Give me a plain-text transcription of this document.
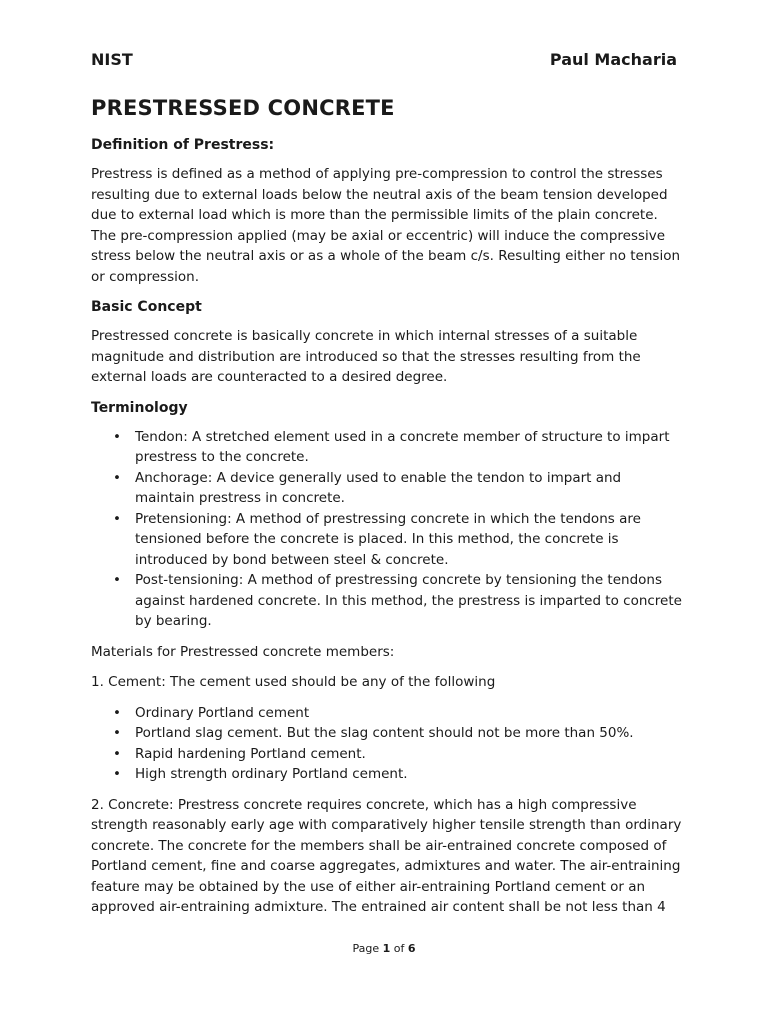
NIST	Paul Macharia
PRESTRESSED CONCRETE
Definition of Prestress:

Prestress is defined as a method of applying pre-compression to control the stresses resulting due to external loads below the neutral axis of the beam tension developed due to external load which is more than the permissible limits of the plain concrete. The pre-compression applied (may be axial or eccentric) will induce the compressive stress below the neutral axis or as a whole of the beam c/s. Resulting either no tension or compression.

Basic Concept

Prestressed concrete is basically concrete in which internal stresses of a suitable magnitude and distribution are introduced so that the stresses resulting from the external loads are counteracted to a desired degree.

Terminology
• Tendon: A stretched element used in a concrete member of structure to impart prestress to the concrete.
• Anchorage: A device generally used to enable the tendon to impart and maintain prestress in concrete.
• Pretensioning: A method of prestressing concrete in which the tendons are tensioned before the concrete is placed. In this method, the concrete is introduced by bond between steel & concrete.
• Post-tensioning: A method of prestressing concrete by tensioning the tendons against hardened concrete. In this method, the prestress is imparted to concrete by bearing.

Materials for Prestressed concrete members:

1. Cement: The cement used should be any of the following

• Ordinary Portland cement
• Portland slag cement. But the slag content should not be more than 50%.
• Rapid hardening Portland cement.
• High strength ordinary Portland cement.

2. Concrete: Prestress concrete requires concrete, which has a high compressive strength reasonably early age with comparatively higher tensile strength than ordinary concrete. The concrete for the members shall be air-entrained concrete composed of Portland cement, fine and coarse aggregates, admixtures and water. The air-entraining feature may be obtained by the use of either air-entraining Portland cement or an approved air-entraining admixture. The entrained air content shall be not less than 4

Page 1 of 6
